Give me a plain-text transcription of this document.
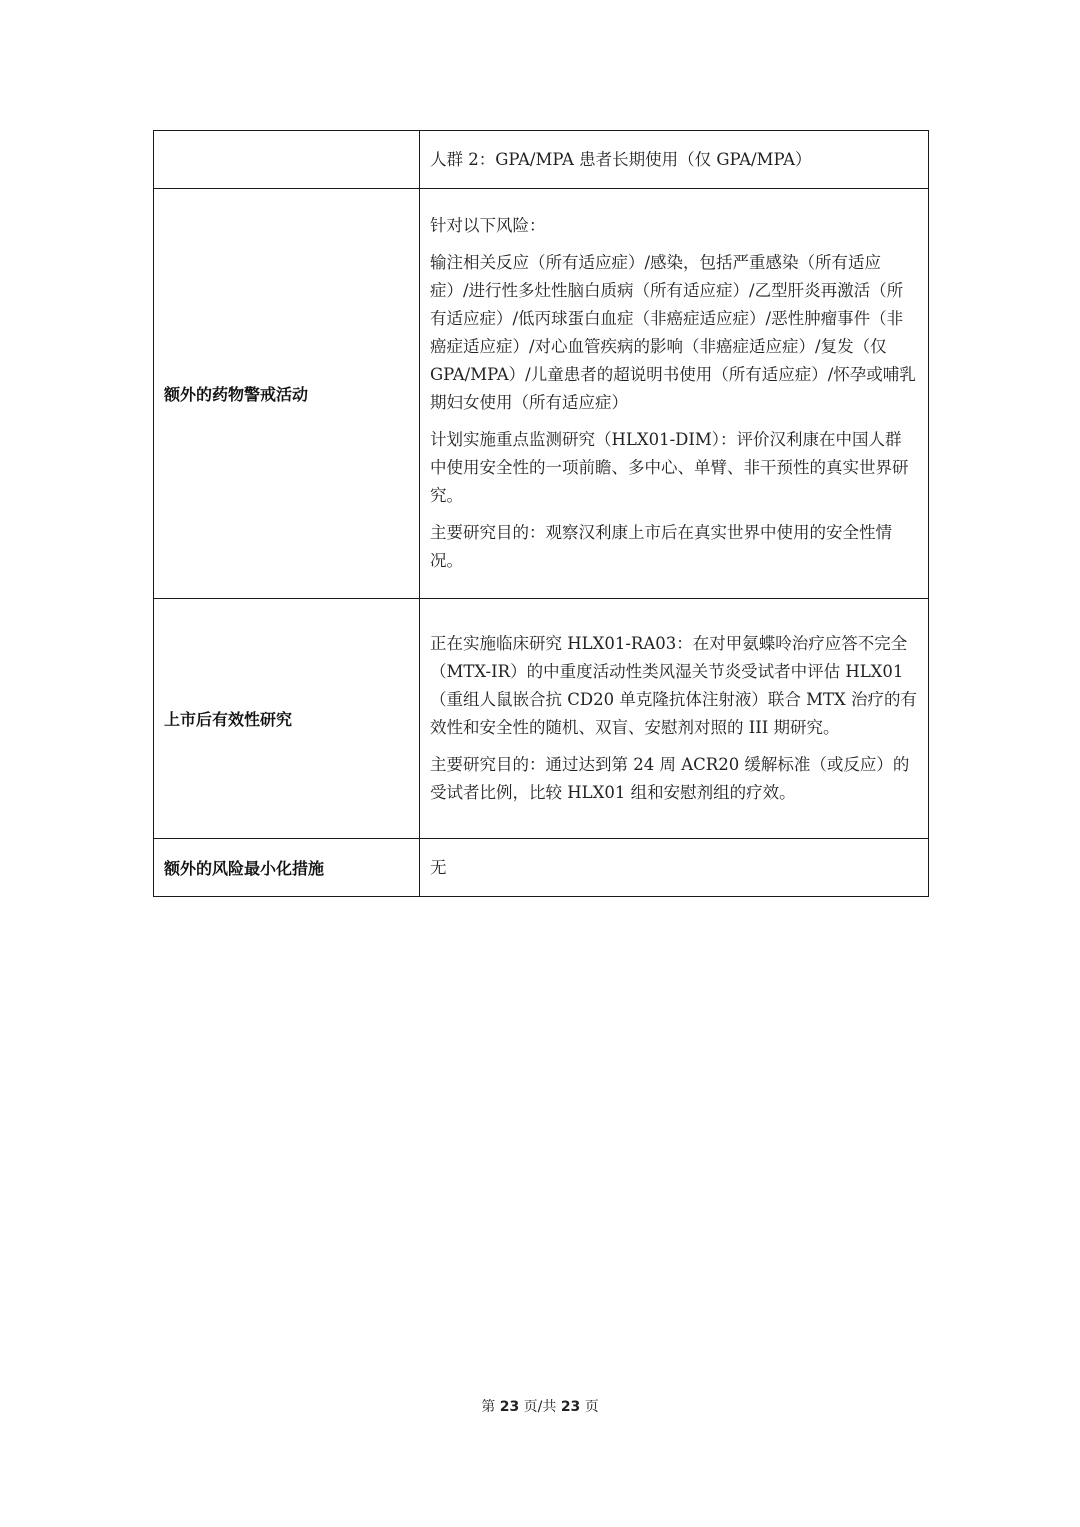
	人群 2：GPA/MPA 患者长期使用（仅 GPA/MPA）

额外的药物警戒活动	针对以下风险：

输注相关反应（所有适应症）/感染，包括严重感染（所有适应症）/进行性多灶性脑白质病（所有适应症）/乙型肝炎再激活（所有适应症）/低丙球蛋白血症（非癌症适应症）/恶性肿瘤事件（非癌症适应症）/对心血管疾病的影响（非癌症适应症）/复发（仅 GPA/MPA）/儿童患者的超说明书使用（所有适应症）/怀孕或哺乳期妇女使用（所有适应症）

计划实施重点监测研究（HLX01-DIM）：评价汉利康在中国人群中使用安全性的一项前瞻、多中心、单臂、非干预性的真实世界研究。

主要研究目的：观察汉利康上市后在真实世界中使用的安全性情况。

上市后有效性研究	正在实施临床研究 HLX01-RA03：在对甲氨蝶呤治疗应答不完全（MTX-IR）的中重度活动性类风湿关节炎受试者中评估 HLX01（重组人鼠嵌合抗 CD20 单克隆抗体注射液）联合 MTX 治疗的有效性和安全性的随机、双盲、安慰剂对照的 III 期研究。

主要研究目的：通过达到第 24 周 ACR20 缓解标准（或反应）的受试者比例，比较 HLX01 组和安慰剂组的疗效。

额外的风险最小化措施	无

第 23 页/共 23 页
